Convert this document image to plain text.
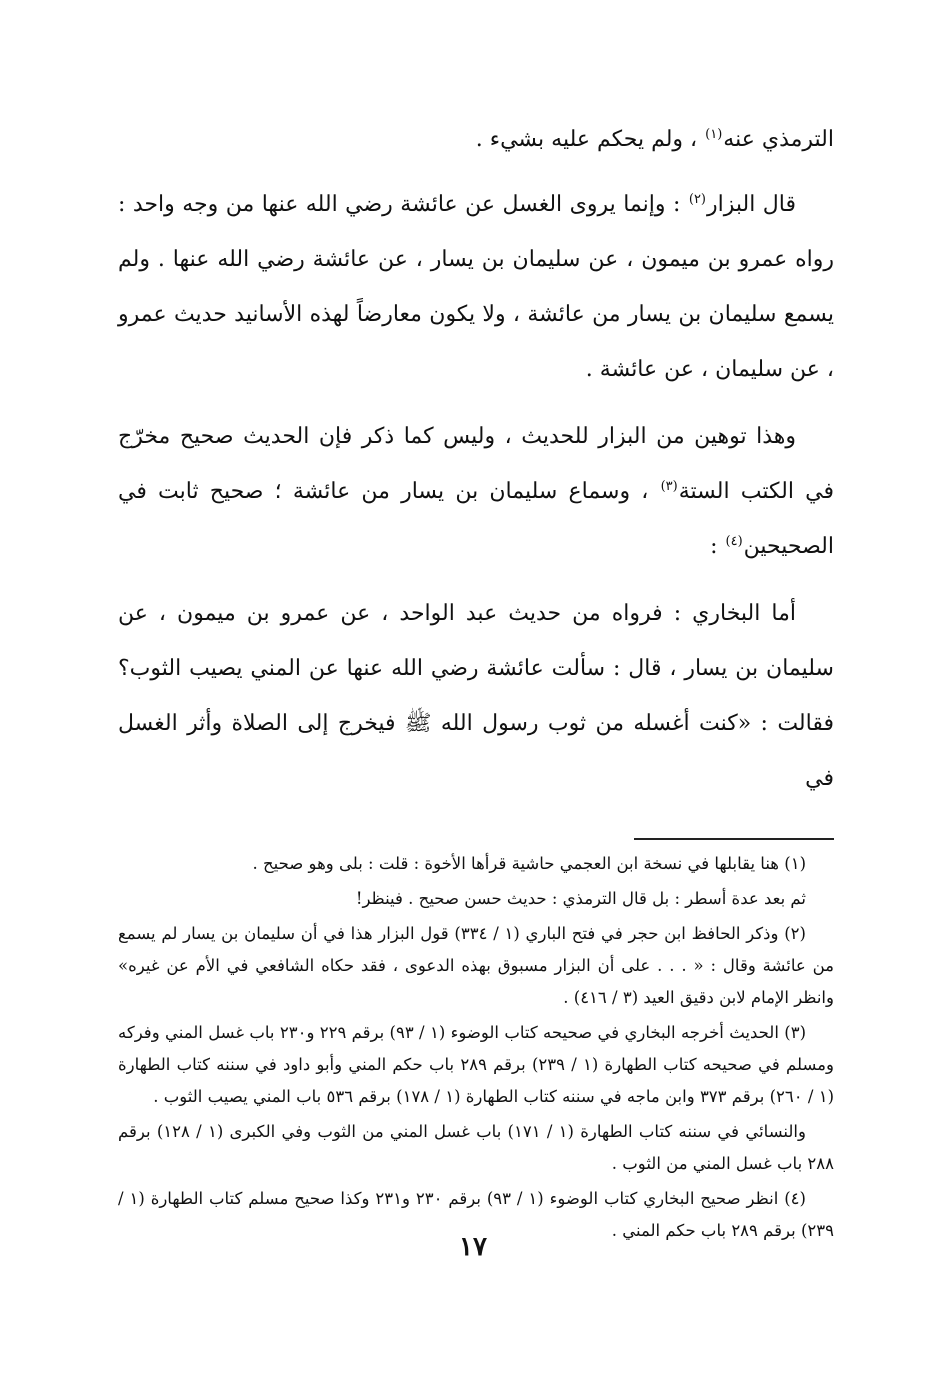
الترمذي عنه$^{(١)}$ ، ولم يحكم عليه بشيء .

قال البزار$^{(٢)}$ : وإنما يروى الغسل عن عائشة رضي الله عنها من وجه واحد : رواه عمرو بن ميمون ، عن سليمان بن يسار ، عن عائشة رضي الله عنها . ولم يسمع سليمان بن يسار من عائشة ، ولا يكون معارضاً لهذه الأسانيد حديث عمرو ، عن سليمان ، عن عائشة .

وهذا توهين من البزار للحديث ، وليس كما ذكر فإن الحديث صحيح مخرّج في الكتب الستة$^{(٣)}$ ، وسماع سليمان بن يسار من عائشة ؛ صحيح ثابت في الصحيحين$^{(٤)}$ :

أما البخاري : فرواه من حديث عبد الواحد ، عن عمرو بن ميمون ، عن سليمان بن يسار ، قال : سألت عائشة رضي الله عنها عن المني يصيب الثوب؟ فقالت : «كنت أغسله من ثوب رسول الله ﷺ فيخرج إلى الصلاة وأثر الغسل في

(١) هنا يقابلها في نسخة ابن العجمي حاشية قرأها الأخوة : قلت : بلى وهو صحيح .

ثم بعد عدة أسطر : بل قال الترمذي : حديث حسن صحيح . فينظر!

(٢) وذكر الحافظ ابن حجر في فتح الباري (١ / ٣٣٤) قول البزار هذا في أن سليمان بن يسار لم يسمع من عائشة وقال : « . . . على أن البزار مسبوق بهذه الدعوى ، فقد حكاه الشافعي في الأم عن غيره» وانظر الإمام لابن دقيق العيد (٣ / ٤١٦) .

(٣) الحديث أخرجه البخاري في صحيحه كتاب الوضوء (١ / ٩٣) برقم ٢٢٩ و٢٣٠ باب غسل المني وفركه ومسلم في صحيحه كتاب الطهارة (١ / ٢٣٩) برقم ٢٨٩ باب حكم المني وأبو داود في سننه كتاب الطهارة (١ / ٢٦٠) برقم ٣٧٣ وابن ماجه في سننه كتاب الطهارة (١ / ١٧٨) برقم ٥٣٦ باب المني يصيب الثوب .

والنسائي في سننه كتاب الطهارة (١ / ١٧١) باب غسل المني من الثوب وفي الكبرى (١ / ١٢٨) برقم ٢٨٨ باب غسل المني من الثوب .

(٤) انظر صحيح البخاري كتاب الوضوء (١ / ٩٣) برقم ٢٣٠ و٢٣١ وكذا صحيح مسلم كتاب الطهارة (١ / ٢٣٩) برقم ٢٨٩ باب حكم المني .

١٧
